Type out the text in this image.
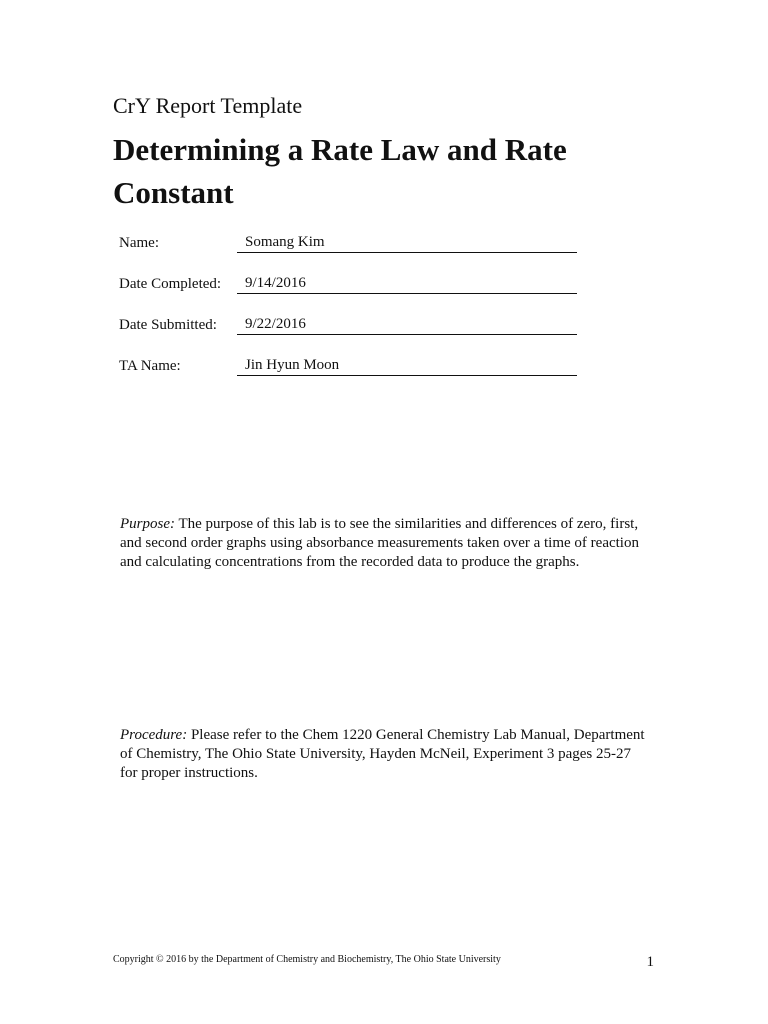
CrY Report Template
Determining a Rate Law and Rate Constant
Name:	Somang Kim
Date Completed:	9/14/2016
Date Submitted:	9/22/2016
TA Name:	Jin Hyun Moon

Purpose: The purpose of this lab is to see the similarities and differences of zero, first, and second order graphs using absorbance measurements taken over a time of reaction and calculating concentrations from the recorded data to produce the graphs.

Procedure: Please refer to the Chem 1220 General Chemistry Lab Manual, Department of Chemistry, The Ohio State University, Hayden McNeil, Experiment 3 pages 25-27 for proper instructions.

Copyright © 2016 by the Department of Chemistry and Biochemistry, The Ohio State University	1
